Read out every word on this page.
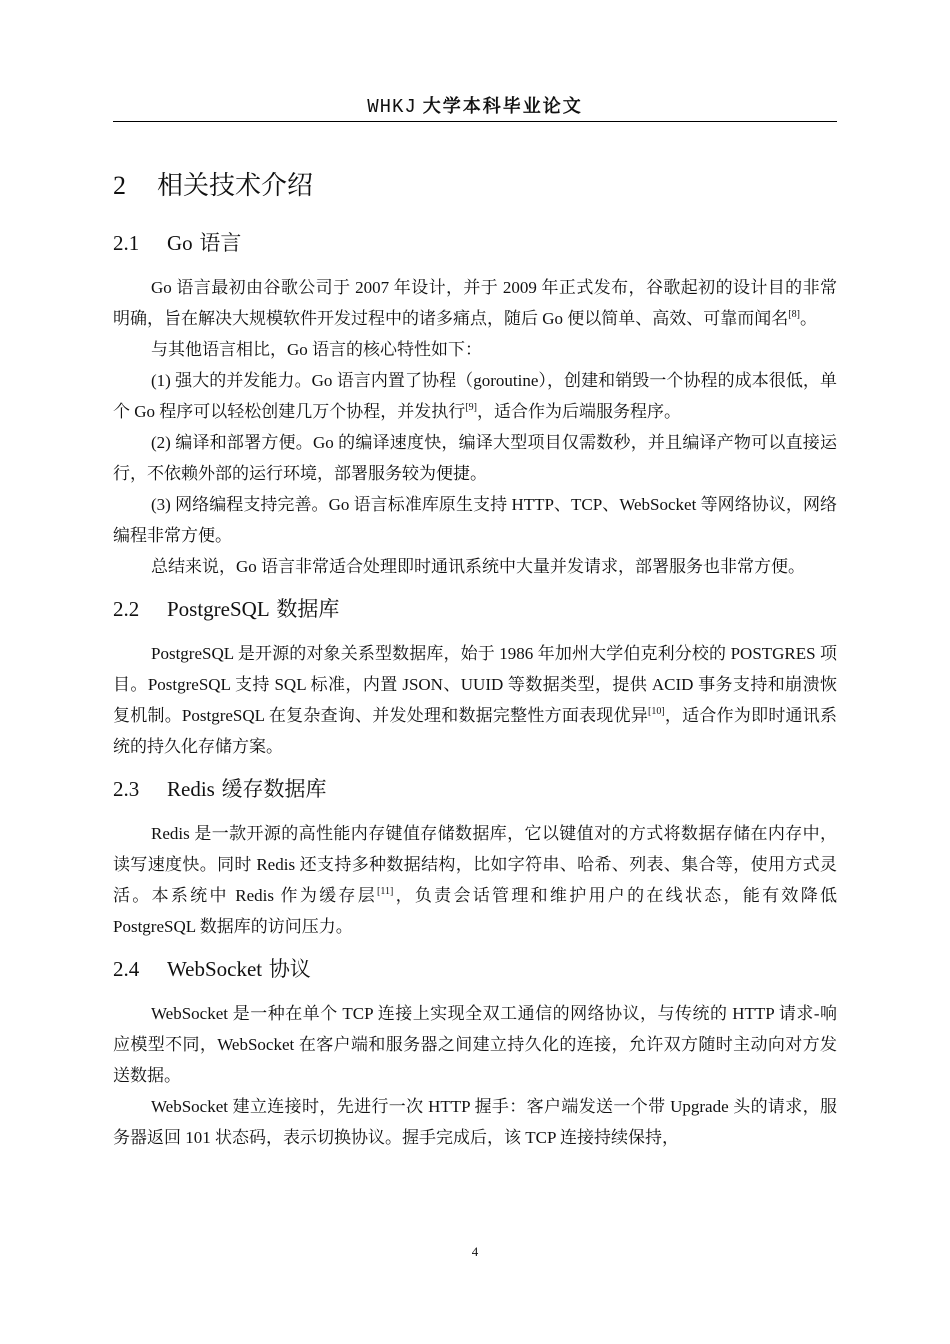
WHKJ 大学本科毕业论文
2 相关技术介绍
2.1 Go 语言

Go 语言最初由谷歌公司于 2007 年设计，并于 2009 年正式发布，谷歌起初的设计目的非常明确，旨在解决大规模软件开发过程中的诸多痛点，随后 Go 便以简单、高效、可靠而闻名[8]。

与其他语言相比，Go 语言的核心特性如下：

(1) 强大的并发能力。Go 语言内置了协程（goroutine），创建和销毁一个协程的成本很低，单个 Go 程序可以轻松创建几万个协程，并发执行[9]，适合作为后端服务程序。

(2) 编译和部署方便。Go 的编译速度快，编译大型项目仅需数秒，并且编译产物可以直接运行，不依赖外部的运行环境，部署服务较为便捷。

(3) 网络编程支持完善。Go 语言标准库原生支持 HTTP、TCP、WebSocket 等网络协议，网络编程非常方便。

总结来说，Go 语言非常适合处理即时通讯系统中大量并发请求，部署服务也非常方便。

2.2 PostgreSQL 数据库

PostgreSQL 是开源的对象关系型数据库，始于 1986 年加州大学伯克利分校的 POSTGRES 项目。PostgreSQL 支持 SQL 标准，内置 JSON、UUID 等数据类型，提供 ACID 事务支持和崩溃恢复机制。PostgreSQL 在复杂查询、并发处理和数据完整性方面表现优异[10]，适合作为即时通讯系统的持久化存储方案。

2.3 Redis 缓存数据库

Redis 是一款开源的高性能内存键值存储数据库，它以键值对的方式将数据存储在内存中，读写速度快。同时 Redis 还支持多种数据结构，比如字符串、哈希、列表、集合等，使用方式灵活。本系统中 Redis 作为缓存层[11]，负责会话管理和维护用户的在线状态，能有效降低 PostgreSQL 数据库的访问压力。

2.4 WebSocket 协议

WebSocket 是一种在单个 TCP 连接上实现全双工通信的网络协议，与传统的 HTTP 请求-响应模型不同，WebSocket 在客户端和服务器之间建立持久化的连接，允许双方随时主动向对方发送数据。

WebSocket 建立连接时，先进行一次 HTTP 握手：客户端发送一个带 Upgrade 头的请求，服务器返回 101 状态码，表示切换协议。握手完成后，该 TCP 连接持续保持，

4
